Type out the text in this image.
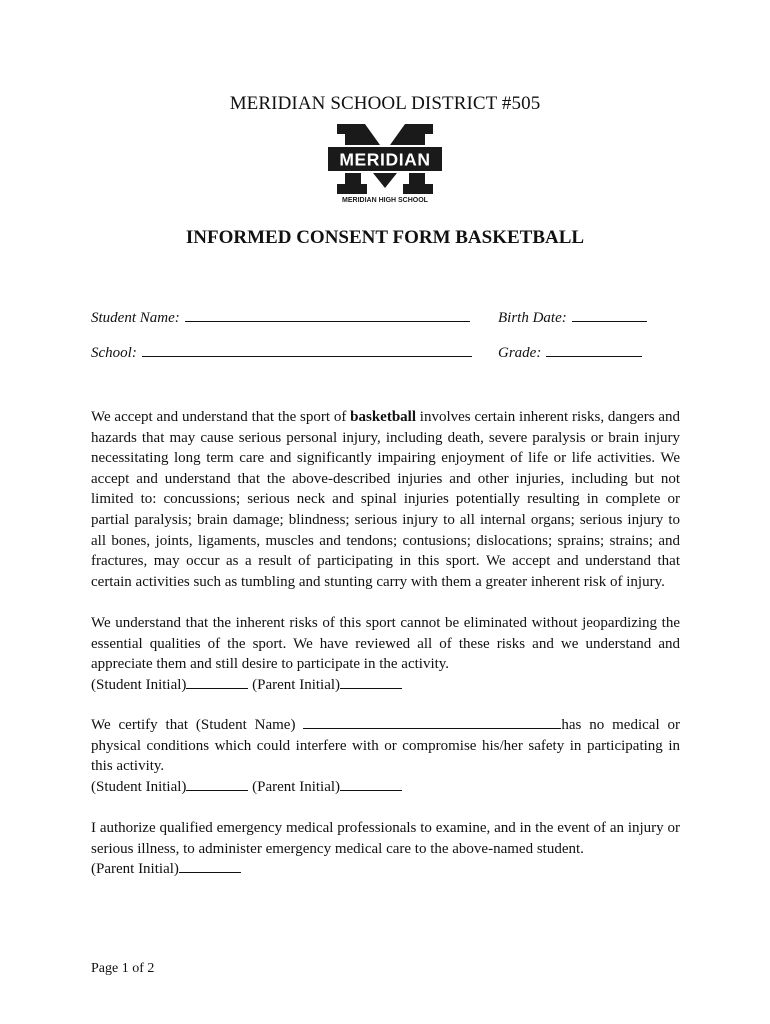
MERIDIAN SCHOOL DISTRICT #505
MERIDIAN
MERIDIAN HIGH SCHOOL
INFORMED CONSENT FORM BASKETBALL
Student Name:	Birth Date:
School:	Grade:

We accept and understand that the sport of basketball involves certain inherent risks, dangers and hazards that may cause serious personal injury, including death, severe paralysis or brain injury necessitating long term care and significantly impairing enjoyment of life or life activities. We accept and understand that the above-described injuries and other injuries, including but not limited to: concussions; serious neck and spinal injuries potentially resulting in complete or partial paralysis; brain damage; blindness; serious injury to all internal organs; serious injury to all bones, joints, ligaments, muscles and tendons; contusions; dislocations; sprains; strains; and fractures, may occur as a result of participating in this sport. We accept and understand that certain activities such as tumbling and stunting carry with them a greater inherent risk of injury.

We understand that the inherent risks of this sport cannot be eliminated without jeopardizing the essential qualities of the sport. We have reviewed all of these risks and we understand and appreciate them and still desire to participate in the activity.

(Student Initial)	(Parent Initial)

We certify that (Student Name)	has no medical or physical conditions which could interfere with or compromise his/her safety in participating in this activity.

(Student Initial)	(Parent Initial)

I authorize qualified emergency medical professionals to examine, and in the event of an injury or serious illness, to administer emergency medical care to the above-named student.

(Parent Initial)
Page 1 of 2
